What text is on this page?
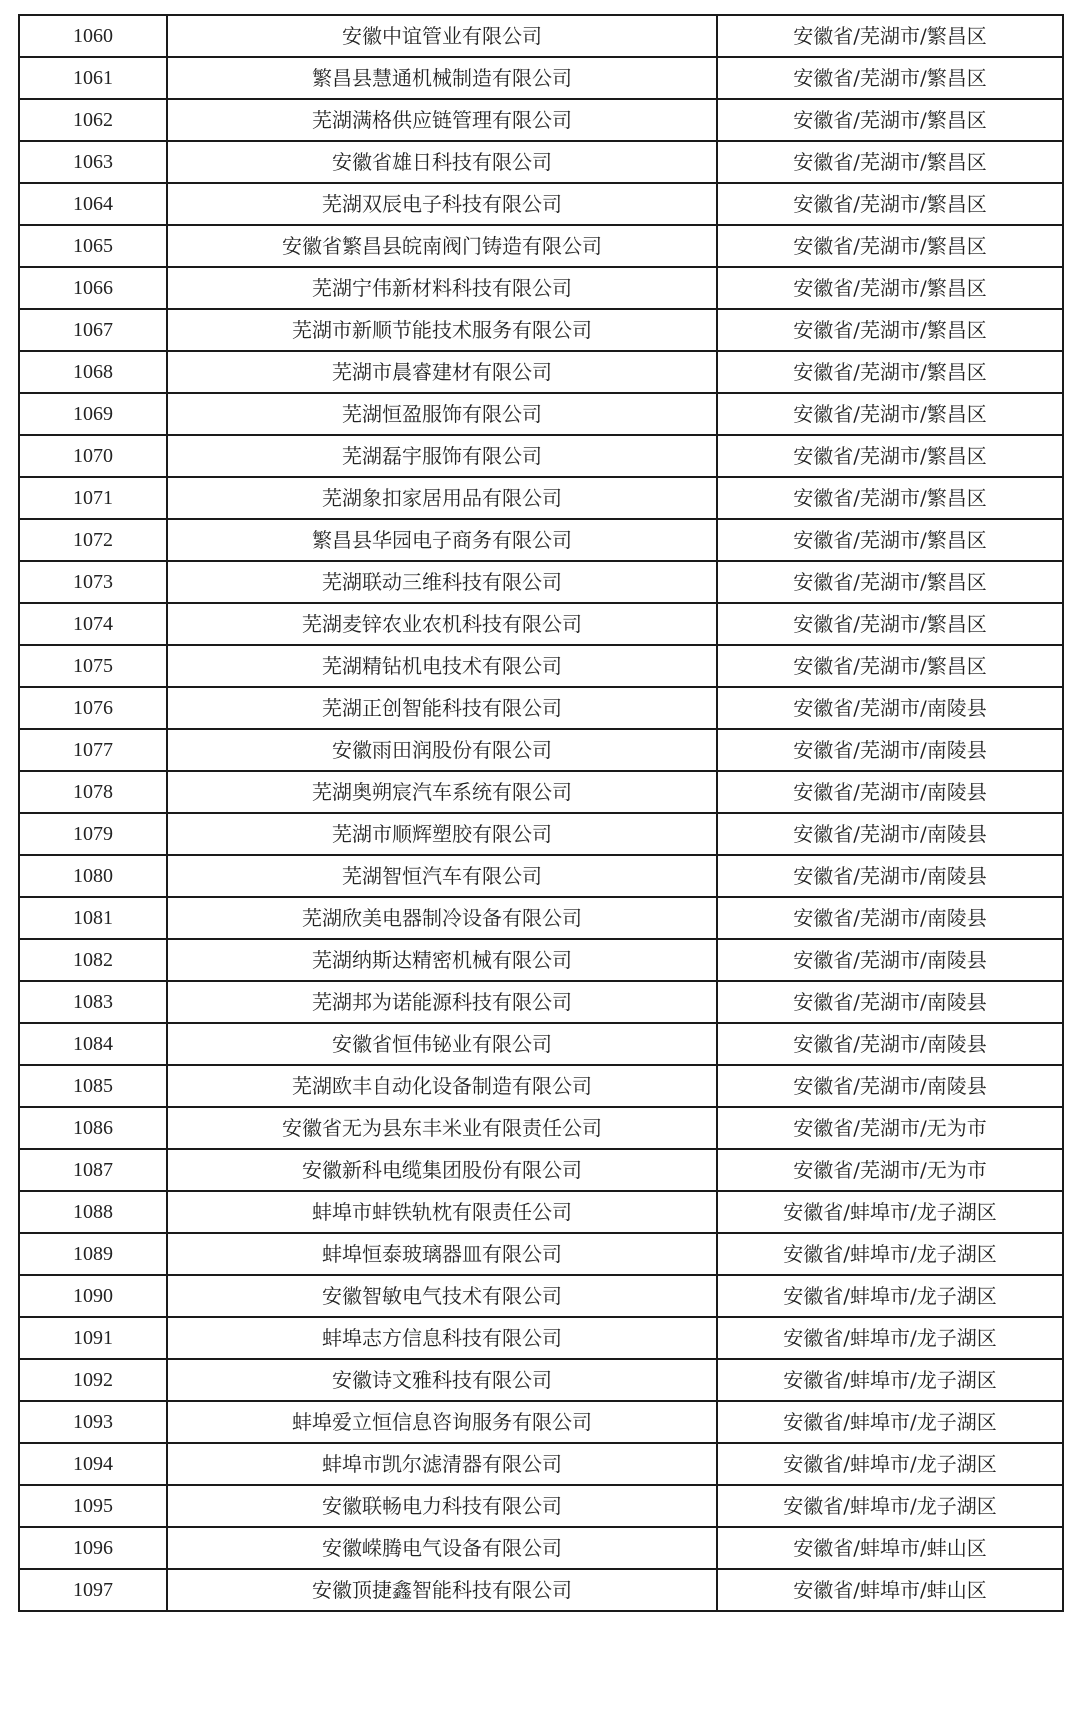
1060	安徽中谊管业有限公司	安徽省/芜湖市/繁昌区
1061	繁昌县慧通机械制造有限公司	安徽省/芜湖市/繁昌区
1062	芜湖满格供应链管理有限公司	安徽省/芜湖市/繁昌区
1063	安徽省雄日科技有限公司	安徽省/芜湖市/繁昌区
1064	芜湖双辰电子科技有限公司	安徽省/芜湖市/繁昌区
1065	安徽省繁昌县皖南阀门铸造有限公司	安徽省/芜湖市/繁昌区
1066	芜湖宁伟新材料科技有限公司	安徽省/芜湖市/繁昌区
1067	芜湖市新顺节能技术服务有限公司	安徽省/芜湖市/繁昌区
1068	芜湖市晨睿建材有限公司	安徽省/芜湖市/繁昌区
1069	芜湖恒盈服饰有限公司	安徽省/芜湖市/繁昌区
1070	芜湖磊宇服饰有限公司	安徽省/芜湖市/繁昌区
1071	芜湖象扣家居用品有限公司	安徽省/芜湖市/繁昌区
1072	繁昌县华园电子商务有限公司	安徽省/芜湖市/繁昌区
1073	芜湖联动三维科技有限公司	安徽省/芜湖市/繁昌区
1074	芜湖麦锌农业农机科技有限公司	安徽省/芜湖市/繁昌区
1075	芜湖精钻机电技术有限公司	安徽省/芜湖市/繁昌区
1076	芜湖正创智能科技有限公司	安徽省/芜湖市/南陵县
1077	安徽雨田润股份有限公司	安徽省/芜湖市/南陵县
1078	芜湖奥朔宸汽车系统有限公司	安徽省/芜湖市/南陵县
1079	芜湖市顺辉塑胶有限公司	安徽省/芜湖市/南陵县
1080	芜湖智恒汽车有限公司	安徽省/芜湖市/南陵县
1081	芜湖欣美电器制冷设备有限公司	安徽省/芜湖市/南陵县
1082	芜湖纳斯达精密机械有限公司	安徽省/芜湖市/南陵县
1083	芜湖邦为诺能源科技有限公司	安徽省/芜湖市/南陵县
1084	安徽省恒伟铋业有限公司	安徽省/芜湖市/南陵县
1085	芜湖欧丰自动化设备制造有限公司	安徽省/芜湖市/南陵县
1086	安徽省无为县东丰米业有限责任公司	安徽省/芜湖市/无为市
1087	安徽新科电缆集团股份有限公司	安徽省/芜湖市/无为市
1088	蚌埠市蚌铁轨枕有限责任公司	安徽省/蚌埠市/龙子湖区
1089	蚌埠恒泰玻璃器皿有限公司	安徽省/蚌埠市/龙子湖区
1090	安徽智敏电气技术有限公司	安徽省/蚌埠市/龙子湖区
1091	蚌埠志方信息科技有限公司	安徽省/蚌埠市/龙子湖区
1092	安徽诗文雅科技有限公司	安徽省/蚌埠市/龙子湖区
1093	蚌埠爱立恒信息咨询服务有限公司	安徽省/蚌埠市/龙子湖区
1094	蚌埠市凯尔滤清器有限公司	安徽省/蚌埠市/龙子湖区
1095	安徽联畅电力科技有限公司	安徽省/蚌埠市/龙子湖区
1096	安徽嵘腾电气设备有限公司	安徽省/蚌埠市/蚌山区
1097	安徽顶捷鑫智能科技有限公司	安徽省/蚌埠市/蚌山区
